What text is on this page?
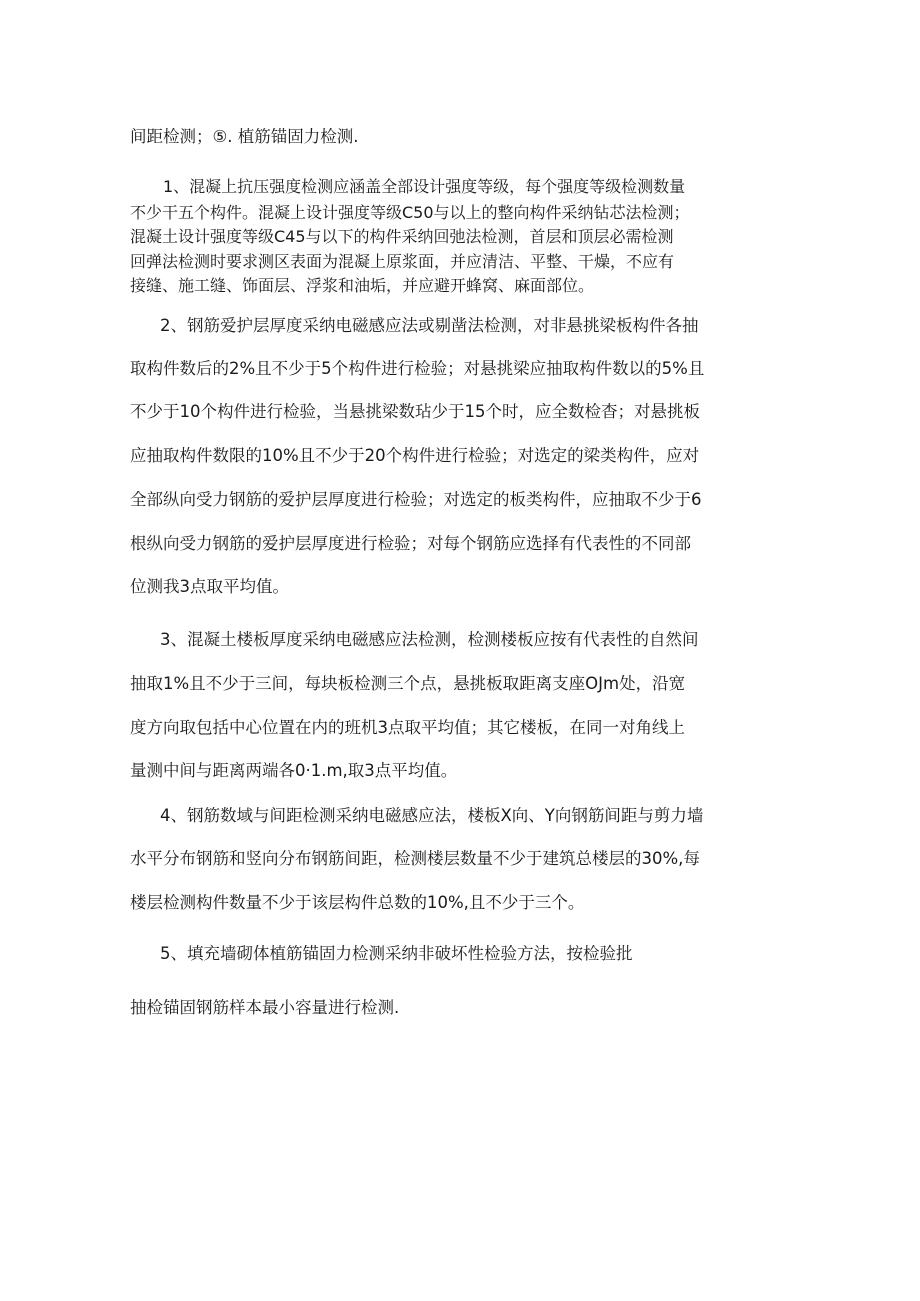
间距检测；⑤. 植筋锚固力检测.
1、混凝上抗压强度检测应涵盖全部设计强度等级，每个强度等级检测数量
不少干五个构件。混凝上设计强度等级C50与以上的整向构件采纳钻芯法检测；
混凝土设计强度等级C45与以下的构件采纳回弛法检测，首层和顶层必需检测
回弹法检测时要求测区表面为混凝上原浆面，并应清洁、平整、干燥，不应有
接缝、施工缝、饰面层、浮浆和油垢，并应避开蜂窝、麻面部位。
2、钢筋爱护层厚度采纳电磁感应法或剔凿法检测，对非悬挑梁板构件各抽
取构件数后的2%且不少于5个构件进行检验；对悬挑梁应抽取构件数以的5%且
不少于10个构件进行检验，当悬挑梁数玷少于15个时，应全数检杳；对悬挑板
应抽取构件数限的10%且不少于20个构件进行检验；对选定的梁类构件，应对
全部纵向受力钢筋的爱护层厚度进行检验；对选定的板类构件，应抽取不少于6
根纵向受力钢筋的爱护层厚度进行检验；对每个钢筋应选择有代表性的不同部
位测我3点取平均值。
3、混凝土楼板厚度采纳电磁感应法检测，检测楼板应按有代表性的自然间
抽取1%且不少于三间，每块板检测三个点，悬挑板取距离支座OJm处，沿宽
度方向取包括中心位置在内的班机3点取平均值；其它楼板，在同一对角线上
量测中间与距离两端各0·1.m,取3点平均值。
4、钢筋数域与间距检测采纳电磁感应法，楼板X向、Y向钢筋间距与剪力墙
水平分布钢筋和竖向分布钢筋间距，检测楼层数量不少于建筑总楼层的30%,每
楼层检测构件数量不少于该层构件总数的10%,且不少于三个。
5、填充墙砌体植筋锚固力检测采纳非破坏性检验方法，按检验批
抽检锚固钢筋样本最小容量进行检测.
